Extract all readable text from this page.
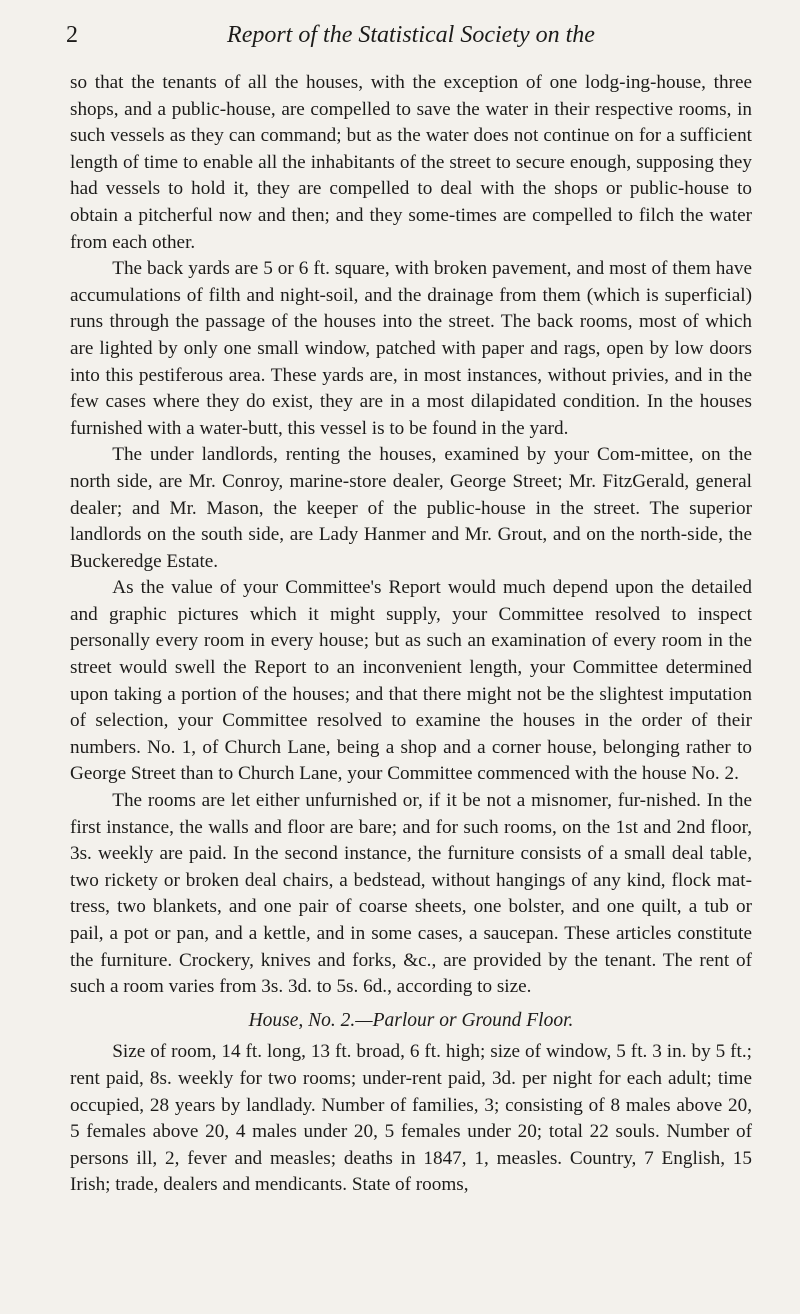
2	Report of the Statistical Society on the

so that the tenants of all the houses, with the exception of one lodg-ing-house, three shops, and a public-house, are compelled to save the water in their respective rooms, in such vessels as they can command; but as the water does not continue on for a sufficient length of time to enable all the inhabitants of the street to secure enough, supposing they had vessels to hold it, they are compelled to deal with the shops or public-house to obtain a pitcherful now and then; and they some-times are compelled to filch the water from each other.

The back yards are 5 or 6 ft. square, with broken pavement, and most of them have accumulations of filth and night-soil, and the drainage from them (which is superficial) runs through the passage of the houses into the street. The back rooms, most of which are lighted by only one small window, patched with paper and rags, open by low doors into this pestiferous area. These yards are, in most instances, without privies, and in the few cases where they do exist, they are in a most dilapidated condition. In the houses furnished with a water-butt, this vessel is to be found in the yard.

The under landlords, renting the houses, examined by your Com-mittee, on the north side, are Mr. Conroy, marine-store dealer, George Street; Mr. FitzGerald, general dealer; and Mr. Mason, the keeper of the public-house in the street. The superior landlords on the south side, are Lady Hanmer and Mr. Grout, and on the north-side, the Buckeredge Estate.

As the value of your Committee's Report would much depend upon the detailed and graphic pictures which it might supply, your Committee resolved to inspect personally every room in every house; but as such an examination of every room in the street would swell the Report to an inconvenient length, your Committee determined upon taking a portion of the houses; and that there might not be the slightest imputation of selection, your Committee resolved to examine the houses in the order of their numbers. No. 1, of Church Lane, being a shop and a corner house, belonging rather to George Street than to Church Lane, your Committee commenced with the house No. 2.

The rooms are let either unfurnished or, if it be not a misnomer, fur-nished. In the first instance, the walls and floor are bare; and for such rooms, on the 1st and 2nd floor, 3s. weekly are paid. In the second instance, the furniture consists of a small deal table, two rickety or broken deal chairs, a bedstead, without hangings of any kind, flock mat-tress, two blankets, and one pair of coarse sheets, one bolster, and one quilt, a tub or pail, a pot or pan, and a kettle, and in some cases, a saucepan. These articles constitute the furniture. Crockery, knives and forks, &c., are provided by the tenant. The rent of such a room varies from 3s. 3d. to 5s. 6d., according to size.

House, No. 2.—Parlour or Ground Floor.

Size of room, 14 ft. long, 13 ft. broad, 6 ft. high; size of window, 5 ft. 3 in. by 5 ft.; rent paid, 8s. weekly for two rooms; under-rent paid, 3d. per night for each adult; time occupied, 28 years by landlady. Number of families, 3; consisting of 8 males above 20, 5 females above 20, 4 males under 20, 5 females under 20; total 22 souls. Number of persons ill, 2, fever and measles; deaths in 1847, 1, measles. Country, 7 English, 15 Irish; trade, dealers and mendicants. State of rooms,
